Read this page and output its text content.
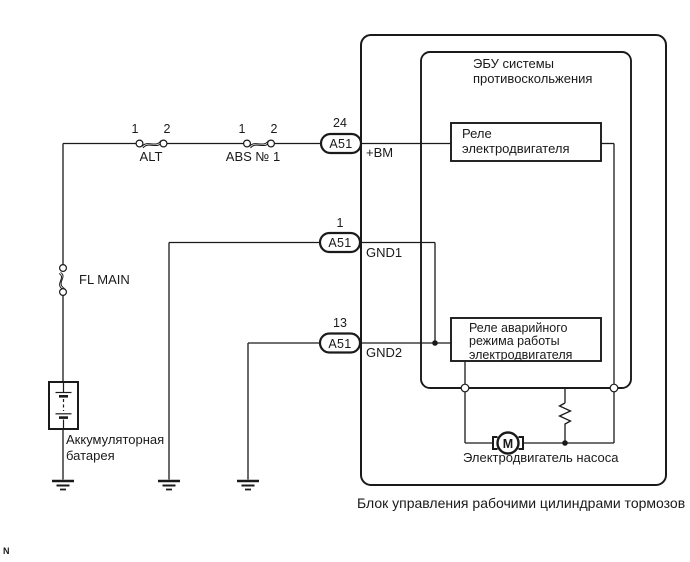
1 2
ALT
1 2
ABS № 1
FL MAIN
24
A51
+BM
1
A51
GND1
13
A51
GND2
ЭБУ системы
противоскольжения
Реле
электродвигателя
Реле аварийного
режима работы
электродвигателя
M
Электродвигатель насоса
Блок управления рабочими цилиндрами тормозов
Аккумуляторная
батарея
N
